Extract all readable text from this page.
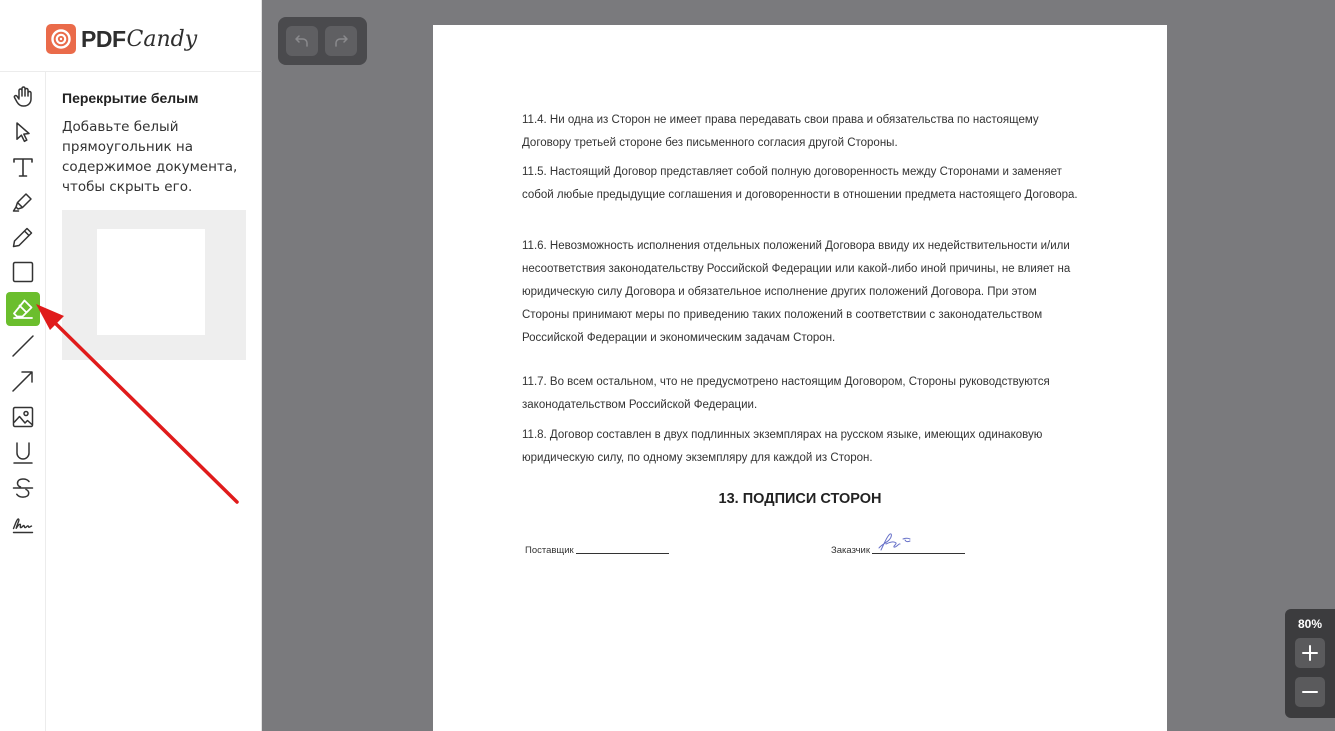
PDF Candy
Перекрытие белым
Добавьте белый прямоугольник на содержимое документа, чтобы скрыть его.
11.4. Ни одна из Сторон не имеет права передавать свои права и обязательства по настоящему Договору третьей стороне без письменного согласия другой Стороны.
11.5. Настоящий Договор представляет собой полную договоренность между Сторонами и заменяет собой любые предыдущие соглашения и договоренности в отношении предмета настоящего Договора.
11.6. Невозможность исполнения отдельных положений Договора ввиду их недействительности и/или несоответствия законодательству Российской Федерации или какой-либо иной причины, не влияет на юридическую силу Договора и обязательное исполнение других положений Договора. При этом Стороны принимают меры по приведению таких положений в соответствии с законодательством Российской Федерации и экономическим задачам Сторон.
11.7. Во всем остальном, что не предусмотрено настоящим Договором, Стороны руководствуются законодательством Российской Федерации.
11.8. Договор составлен в двух подлинных экземплярах на русском языке, имеющих одинаковую юридическую силу, по одному экземпляру для каждой из Сторон.
13. ПОДПИСИ СТОРОН
Поставщик	Заказчик
80%
